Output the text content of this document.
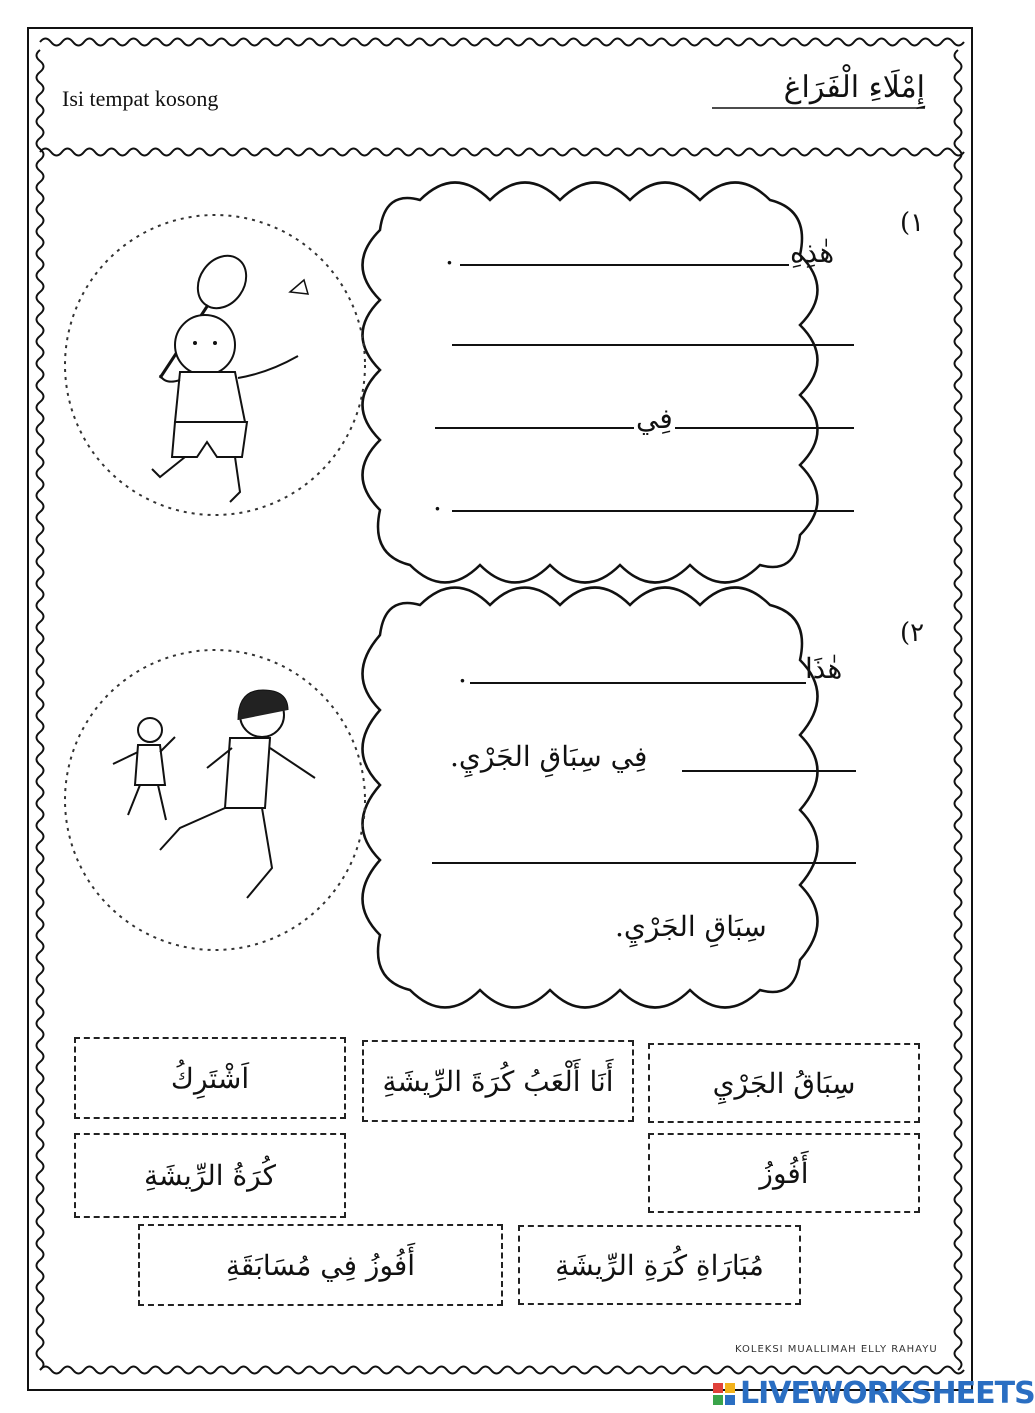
Isi tempat kosong	إِمْلَاءِ الْفَرَاغ
١)
هٰذِهِ
.
فِي
.
٢)
هٰذَا
.
فِي سِبَاقِ الجَرْيِ.
سِبَاقِ الجَرْيِ.
سِبَاقُ الجَرْيِ
أَنَا أَلْعَبُ كُرَةَ الرِّيشَةِ
اَشْتَرِكُ
أَفُوزُ
كُرَةُ الرِّيشَةِ
مُبَارَاةِ كُرَةِ الرِّيشَةِ
أَفُوزُ فِي مُسَابَقَةِ
KOLEKSI MUALLIMAH ELLY RAHAYU
LIVEWORKSHEETS
